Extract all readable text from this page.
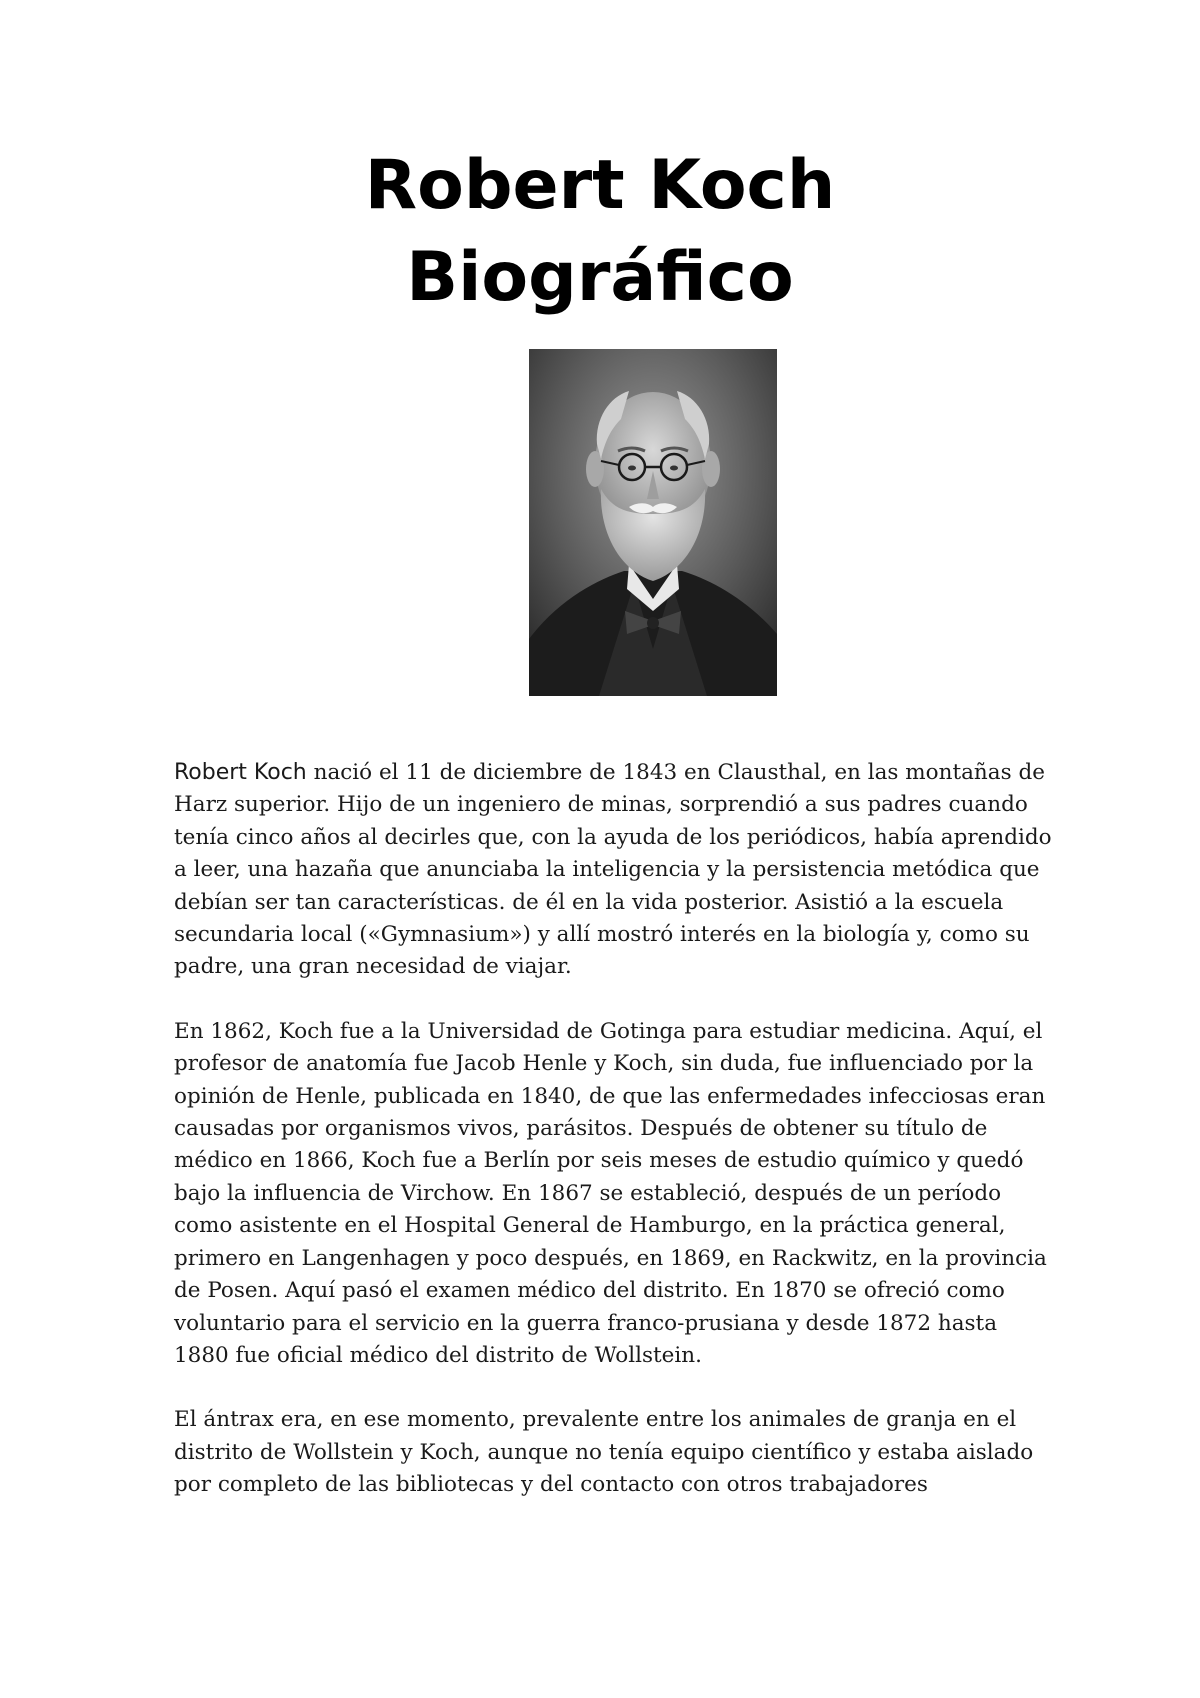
Robert Koch
Biográfico

Robert Koch nació el 11 de diciembre de 1843 en Clausthal, en las montañas de Harz superior. Hijo de un ingeniero de minas, sorprendió a sus padres cuando tenía cinco años al decirles que, con la ayuda de los periódicos, había aprendido a leer, una hazaña que anunciaba la inteligencia y la persistencia metódica que debían ser tan características. de él en la vida posterior. Asistió a la escuela secundaria local («Gymnasium») y allí mostró interés en la biología y, como su padre, una gran necesidad de viajar.

En 1862, Koch fue a la Universidad de Gotinga para estudiar medicina. Aquí, el profesor de anatomía fue Jacob Henle y Koch, sin duda, fue influenciado por la opinión de Henle, publicada en 1840, de que las enfermedades infecciosas eran causadas por organismos vivos, parásitos. Después de obtener su título de médico en 1866, Koch fue a Berlín por seis meses de estudio químico y quedó bajo la influencia de Virchow. En 1867 se estableció, después de un período como asistente en el Hospital General de Hamburgo, en la práctica general, primero en Langenhagen y poco después, en 1869, en Rackwitz, en la provincia de Posen. Aquí pasó el examen médico del distrito. En 1870 se ofreció como voluntario para el servicio en la guerra franco-prusiana y desde 1872 hasta 1880 fue oficial médico del distrito de Wollstein.

El ántrax era, en ese momento, prevalente entre los animales de granja en el distrito de Wollstein y Koch, aunque no tenía equipo científico y estaba aislado por completo de las bibliotecas y del contacto con otros trabajadores
